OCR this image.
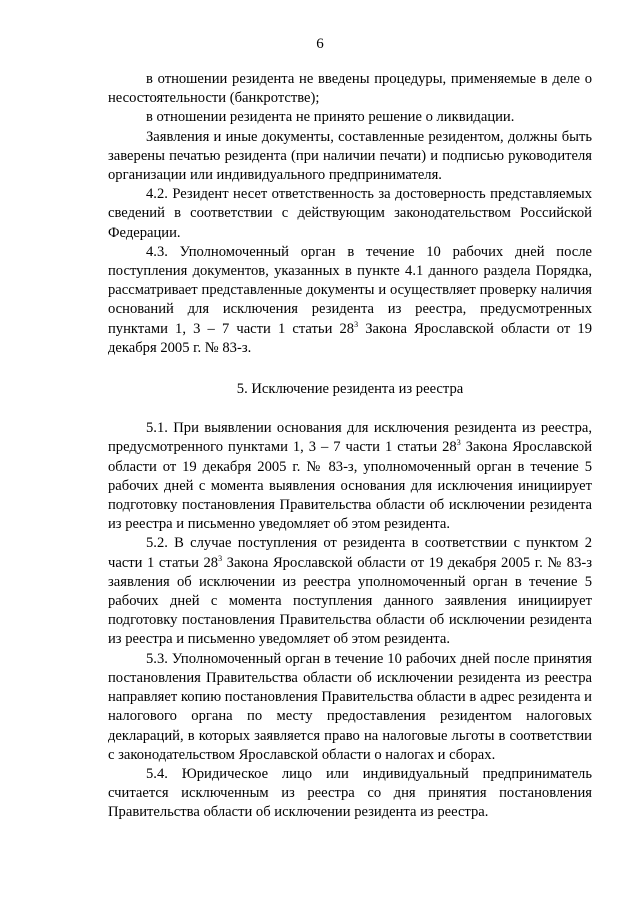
6

в отношении резидента не введены процедуры, применяемые в деле о несостоятельности (банкротстве);

в отношении резидента не принято решение о ликвидации.

Заявления и иные документы, составленные резидентом, должны быть заверены печатью резидента (при наличии печати) и подписью руководителя организации или индивидуального предпринимателя.

4.2. Резидент несет ответственность за достоверность представляемых сведений в соответствии с действующим законодательством Российской Федерации.

4.3. Уполномоченный орган в течение 10 рабочих дней после поступления документов, указанных в пункте 4.1 данного раздела Порядка, рассматривает представленные документы и осуществляет проверку наличия оснований для исключения резидента из реестра, предусмотренных пунктами 1, 3 – 7 части 1 статьи $28^3$ Закона Ярославской области от 19 декабря 2005 г. № 83-з.

5. Исключение резидента из реестра

5.1. При выявлении основания для исключения резидента из реестра, предусмотренного пунктами 1, 3 – 7 части 1 статьи $28^3$ Закона Ярославской области от 19 декабря 2005 г. № 83-з, уполномоченный орган в течение 5 рабочих дней с момента выявления основания для исключения инициирует подготовку постановления Правительства области об исключении резидента из реестра и письменно уведомляет об этом резидента.

5.2. В случае поступления от резидента в соответствии с пунктом 2 части 1 статьи $28^3$ Закона Ярославской области от 19 декабря 2005 г. № 83-з заявления об исключении из реестра уполномоченный орган в течение 5 рабочих дней с момента поступления данного заявления инициирует подготовку постановления Правительства области об исключении резидента из реестра и письменно уведомляет об этом резидента.

5.3. Уполномоченный орган в течение 10 рабочих дней после принятия постановления Правительства области об исключении резидента из реестра направляет копию постановления Правительства области в адрес резидента и налогового органа по месту предоставления резидентом налоговых деклараций, в которых заявляется право на налоговые льготы в соответствии с законодательством Ярославской области о налогах и сборах.

5.4. Юридическое лицо или индивидуальный предприниматель считается исключенным из реестра со дня принятия постановления Правительства области об исключении резидента из реестра.
